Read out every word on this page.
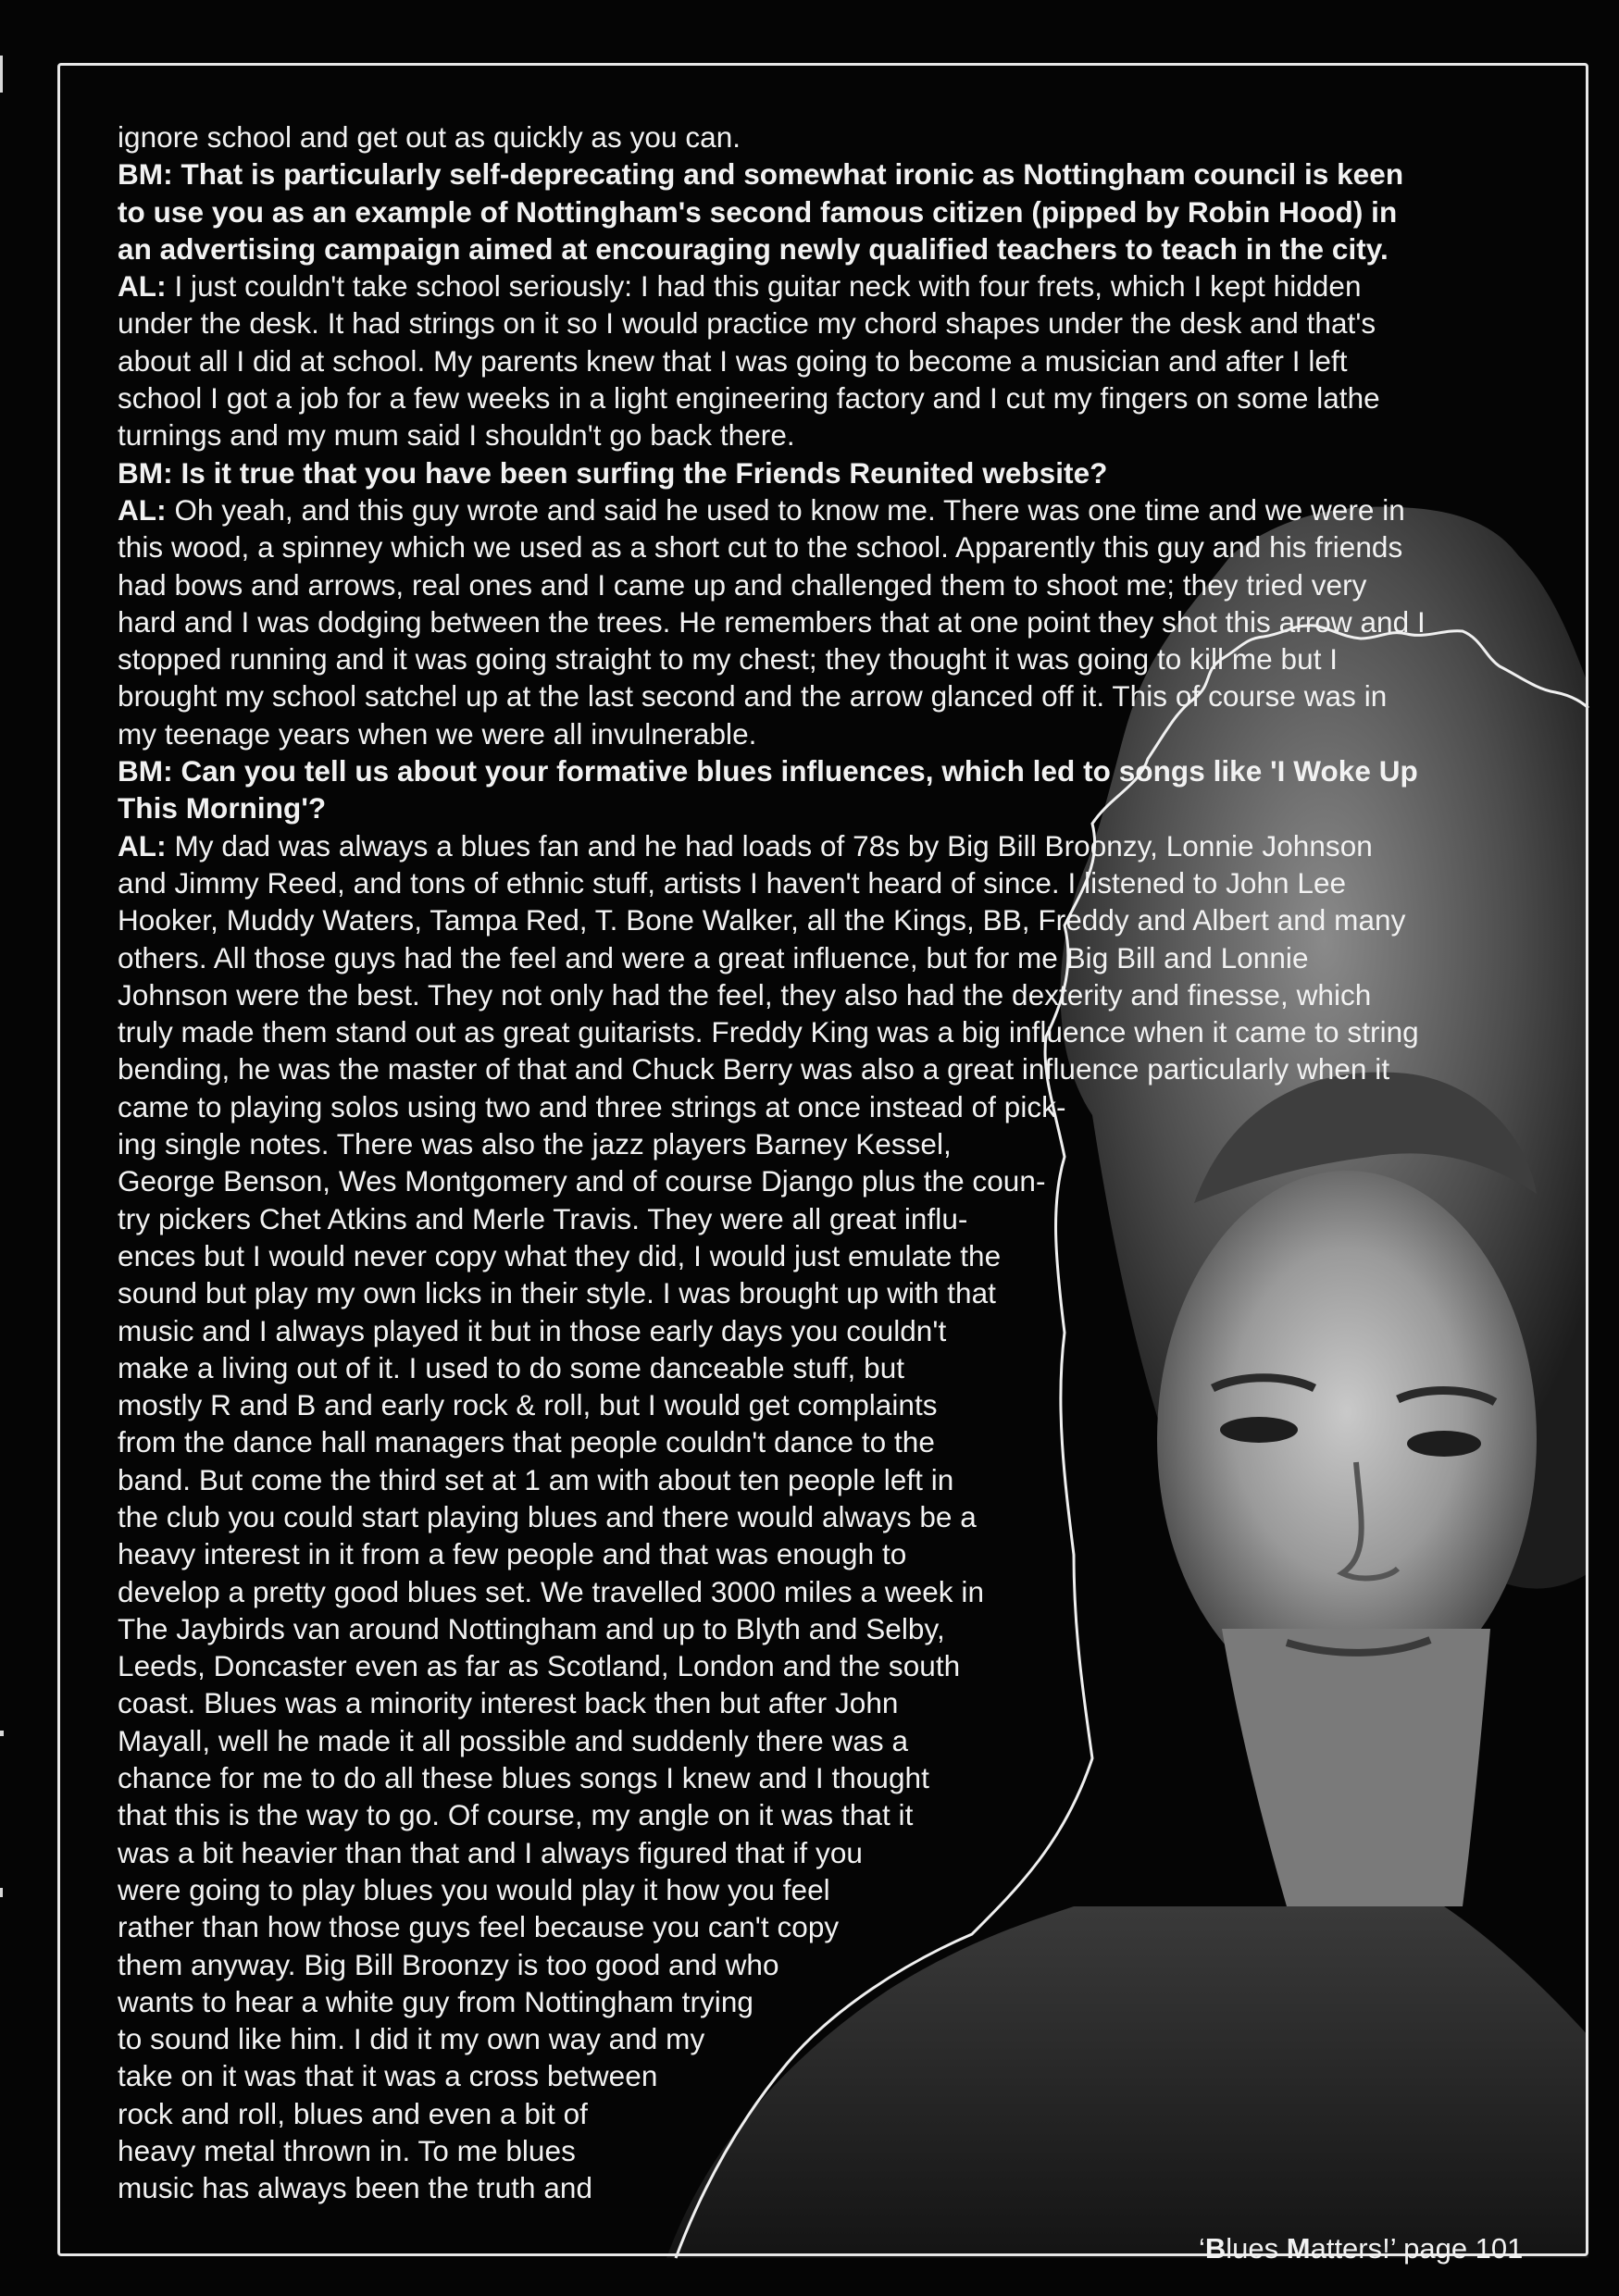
ignore school and get out as quickly as you can.

BM: That is particularly self-deprecating and somewhat ironic as Nottingham council is keen
to use you as an example of Nottingham's second famous citizen (pipped by Robin Hood) in
an advertising campaign aimed at encouraging newly qualified teachers to teach in the city.

AL: I just couldn't take school seriously: I had this guitar neck with four frets, which I kept hidden
under the desk. It had strings on it so I would practice my chord shapes under the desk and that's
about all I did at school. My parents knew that I was going to become a musician and after I left
school I got a job for a few weeks in a light engineering factory and I cut my fingers on some lathe
turnings and my mum said I shouldn't go back there.

BM: Is it true that you have been surfing the Friends Reunited website?

AL: Oh yeah, and this guy wrote and said he used to know me. There was one time and we were in
this wood, a spinney which we used as a short cut to the school. Apparently this guy and his friends
had bows and arrows, real ones and I came up and challenged them to shoot me; they tried very
hard and I was dodging between the trees. He remembers that at one point they shot this arrow and I
stopped running and it was going straight to my chest; they thought it was going to kill me but I
brought my school satchel up at the last second and the arrow glanced off it. This of course was in
my teenage years when we were all invulnerable.

BM: Can you tell us about your formative blues influences, which led to songs like 'I Woke Up
This Morning'?

AL: My dad was always a blues fan and he had loads of 78s by Big Bill Broonzy, Lonnie Johnson
and Jimmy Reed, and tons of ethnic stuff, artists I haven't heard of since. I listened to John Lee
Hooker, Muddy Waters, Tampa Red, T. Bone Walker, all the Kings, BB, Freddy and Albert and many
others. All those guys had the feel and were a great influence, but for me Big Bill and Lonnie
Johnson were the best. They not only had the feel, they also had the dexterity and finesse, which
truly made them stand out as great guitarists. Freddy King was a big influence when it came to string
bending, he was the master of that and Chuck Berry was also a great influence particularly when it
came to playing solos using two and three strings at once instead of pick-
ing single notes. There was also the jazz players Barney Kessel,
George Benson, Wes Montgomery and of course Django plus the coun-
try pickers Chet Atkins and Merle Travis. They were all great influ-
ences but I would never copy what they did, I would just emulate the
sound but play my own licks in their style. I was brought up with that
music and I always played it but in those early days you couldn't
make a living out of it. I used to do some danceable stuff, but
mostly R and B and early rock & roll, but I would get complaints
from the dance hall managers that people couldn't dance to the
band. But come the third set at 1 am with about ten people left in
the club you could start playing blues and there would always be a
heavy interest in it from a few people and that was enough to
develop a pretty good blues set. We travelled 3000 miles a week in
The Jaybirds van around Nottingham and up to Blyth and Selby,
Leeds, Doncaster even as far as Scotland, London and the south
coast. Blues was a minority interest back then but after John
Mayall, well he made it all possible and suddenly there was a
chance for me to do all these blues songs I knew and I thought
that this is the way to go. Of course, my angle on it was that it
was a bit heavier than that and I always figured that if you
were going to play blues you would play it how you feel
rather than how those guys feel because you can't copy
them anyway. Big Bill Broonzy is too good and who
wants to hear a white guy from Nottingham trying
to sound like him. I did it my own way and my
take on it was that it was a cross between
rock and roll, blues and even a bit of
heavy metal thrown in. To me blues
music has always been the truth and

‘Blues Matters!’ page 101
